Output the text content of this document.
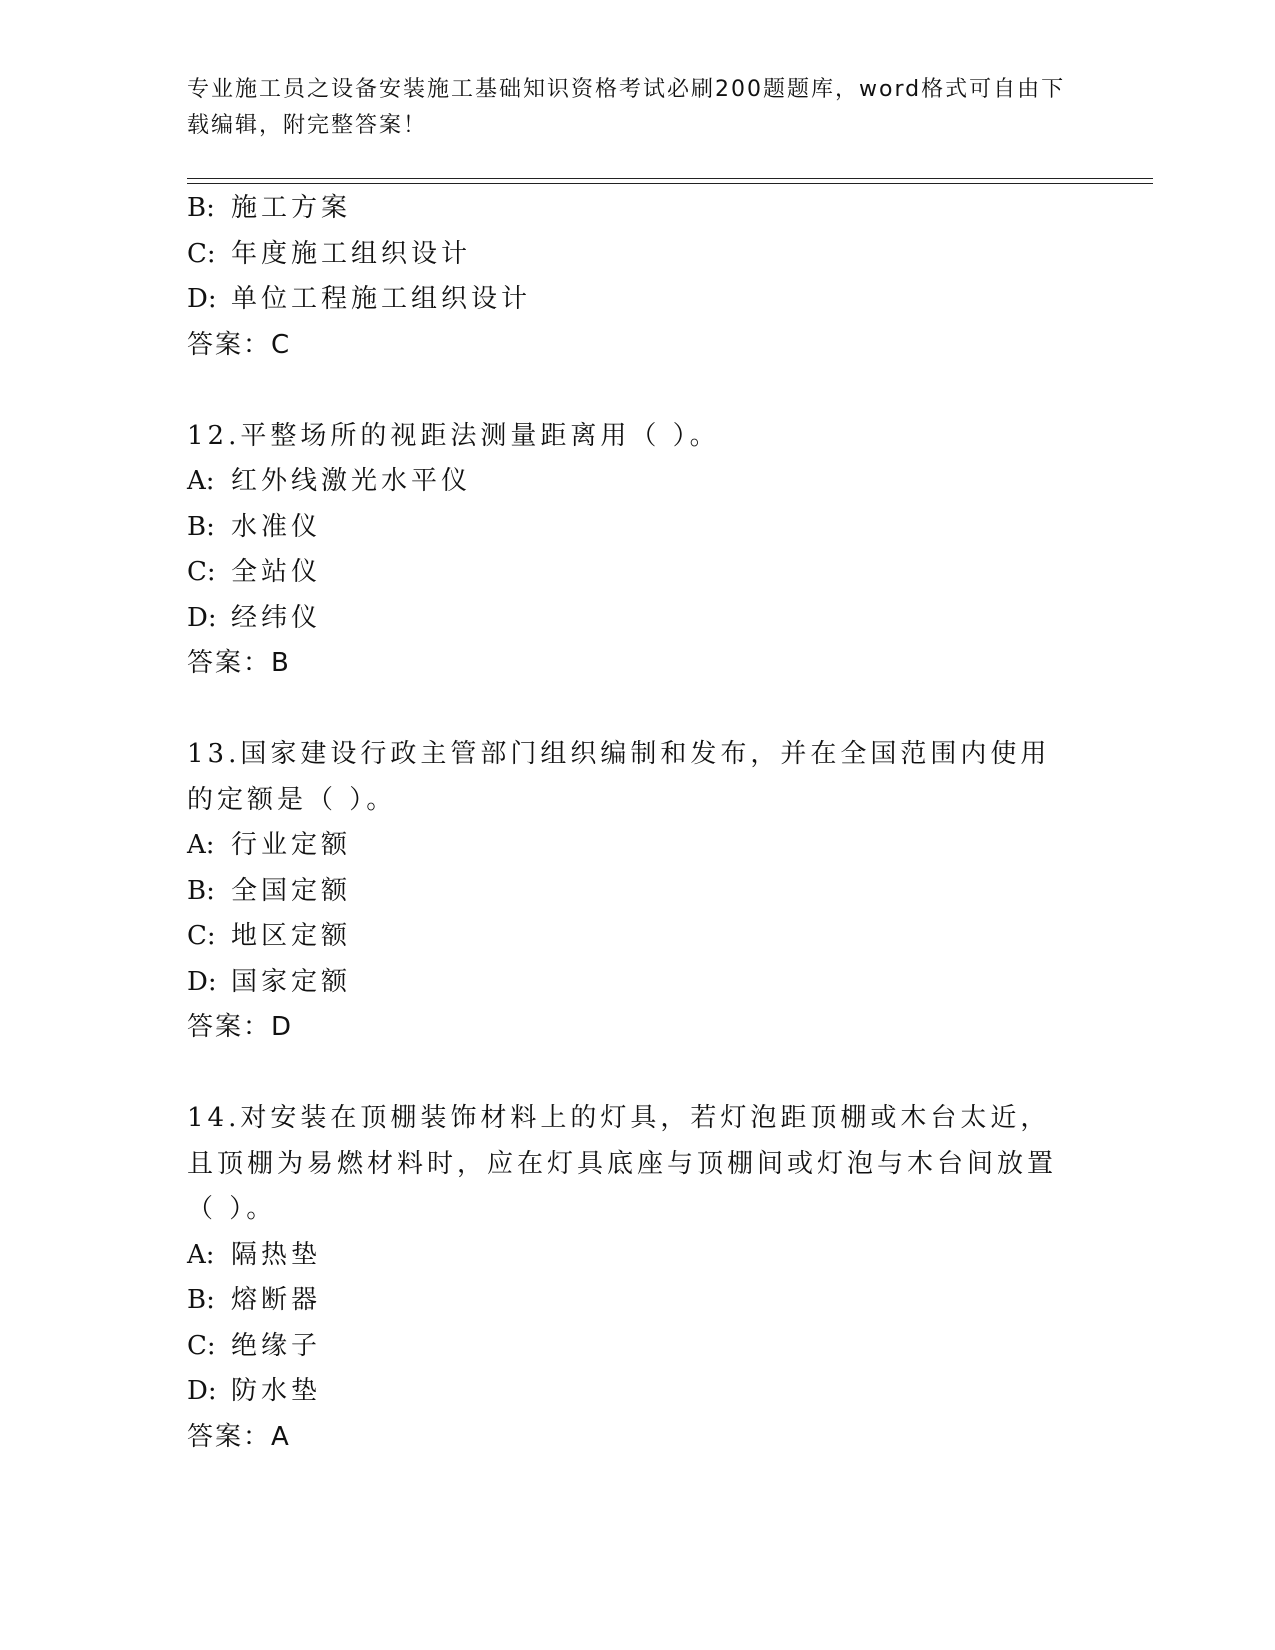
专业施工员之设备安装施工基础知识资格考试必刷200题题库，word格式可自由下载编辑，附完整答案！
B: 施工方案
C: 年度施工组织设计
D: 单位工程施工组织设计
答案：C
12.平整场所的视距法测量距离用（ ）。
A: 红外线激光水平仪
B: 水准仪
C: 全站仪
D: 经纬仪
答案：B
13.国家建设行政主管部门组织编制和发布，并在全国范围内使用的定额是（ ）。
A: 行业定额
B: 全国定额
C: 地区定额
D: 国家定额
答案：D
14.对安装在顶棚装饰材料上的灯具，若灯泡距顶棚或木台太近，且顶棚为易燃材料时，应在灯具底座与顶棚间或灯泡与木台间放置（ ）。
A: 隔热垫
B: 熔断器
C: 绝缘子
D: 防水垫
答案：A
